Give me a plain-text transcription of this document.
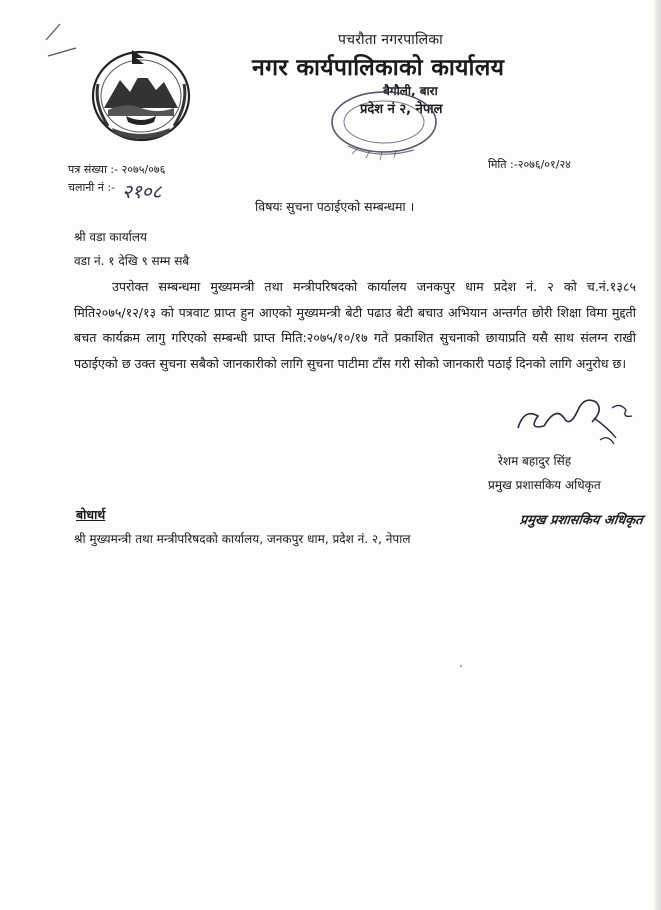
पचरौता नगरपालिका
नगर कार्यपालिकाको कार्यालय
बैगौली, बारा
प्रदेश नं २, नेपाल
पत्र संख्या :- २०७५/०७६
चलानी नं :- २१०८
मिति :-२०७६/०१/२४
विषयः सुचना पठाईएको सम्बन्धमा ।
श्री वडा कार्यालय
वडा नं. १ देखि ९ सम्म सबै

उपरोक्त सम्बन्धमा मुख्यमन्त्री तथा मन्त्रीपरिषदको कार्यालय जनकपुर धाम प्रदेश नं. २ को च.नं.१३८५ मिति२०७५/१२/१३ को पत्रवाट प्राप्त हुन आएको मुख्यमन्त्री बेटी पढाउ बेटी बचाउ अभियान अन्तर्गत छोरी शिक्षा विमा मुद्दती बचत कार्यक्रम लागु गरिएको सम्बन्धी प्राप्त मिति:२०७५/१०/१७ गते प्रकाशित सुचनाको छायाप्रति यसै साथ संलग्न राखी पठाईएको छ उक्त सुचना सबैको जानकारीको लागि सुचना पाटीमा टाँस गरी सोको जानकारी पठाई दिनको लागि अनुरोध छ।

रेशम बहादुर सिंह
प्रमुख प्रशासकिय अधिकृत
प्रमुख प्रशासकिय अधिकृत
बोधार्थ
श्री मुख्यमन्त्री तथा मन्त्रीपरिषदको कार्यालय, जनकपुर धाम, प्रदेश नं. २, नेपाल
